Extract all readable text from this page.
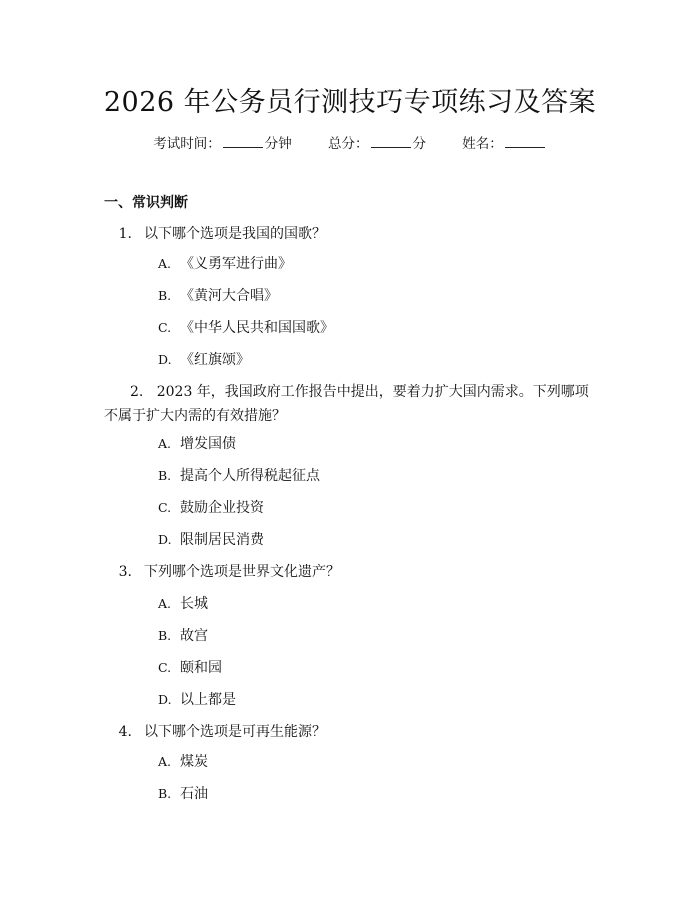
2026 年公务员行测技巧专项练习及答案
考试时间：	分钟	总分：	分	姓名：
一、常识判断
1. 以下哪个选项是我国的国歌？
A. 《义勇军进行曲》
B. 《黄河大合唱》
C. 《中华人民共和国国歌》
D. 《红旗颂》
2. 2023 年，我国政府工作报告中提出，要着力扩大国内需求。下列哪项不属于扩大内需的有效措施？
A. 增发国债
B. 提高个人所得税起征点
C. 鼓励企业投资
D. 限制居民消费
3. 下列哪个选项是世界文化遗产？
A. 长城
B. 故宫
C. 颐和园
D. 以上都是
4. 以下哪个选项是可再生能源？
A. 煤炭
B. 石油
